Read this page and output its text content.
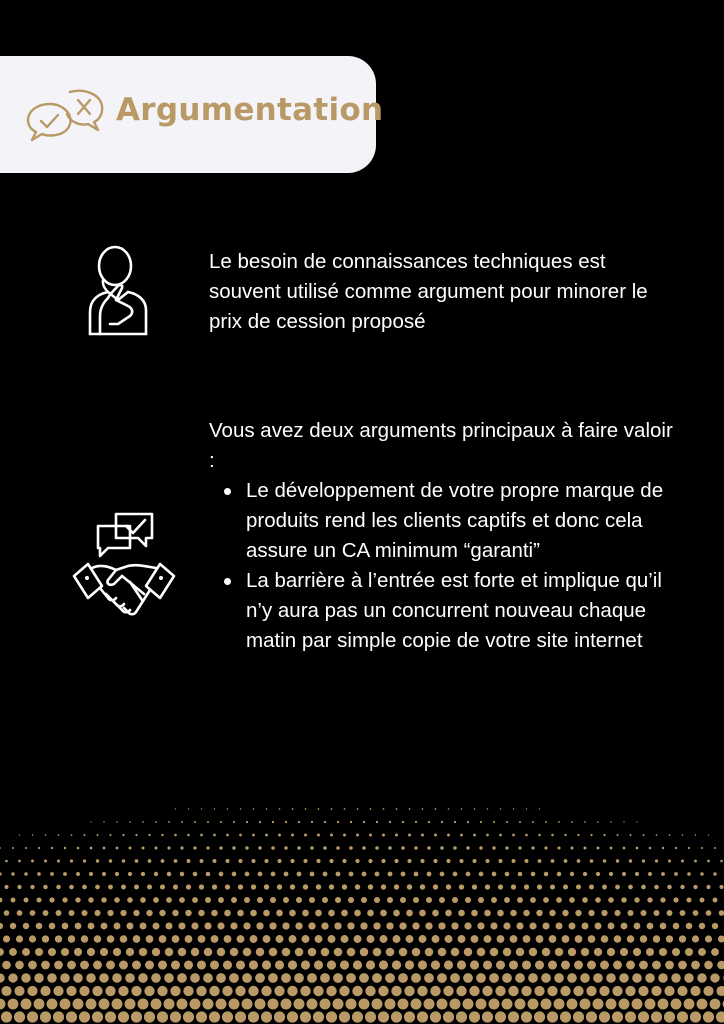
Argumentation

Le besoin de connaissances techniques est souvent utilisé comme argument pour minorer le prix de cession proposé

Vous avez deux arguments principaux à faire valoir :
Le développement de votre propre marque de produits rend les clients captifs et donc cela assure un CA minimum “garanti”
La barrière à l’entrée est forte et implique qu’il n’y aura pas un concurrent nouveau chaque matin par simple copie de votre site internet
